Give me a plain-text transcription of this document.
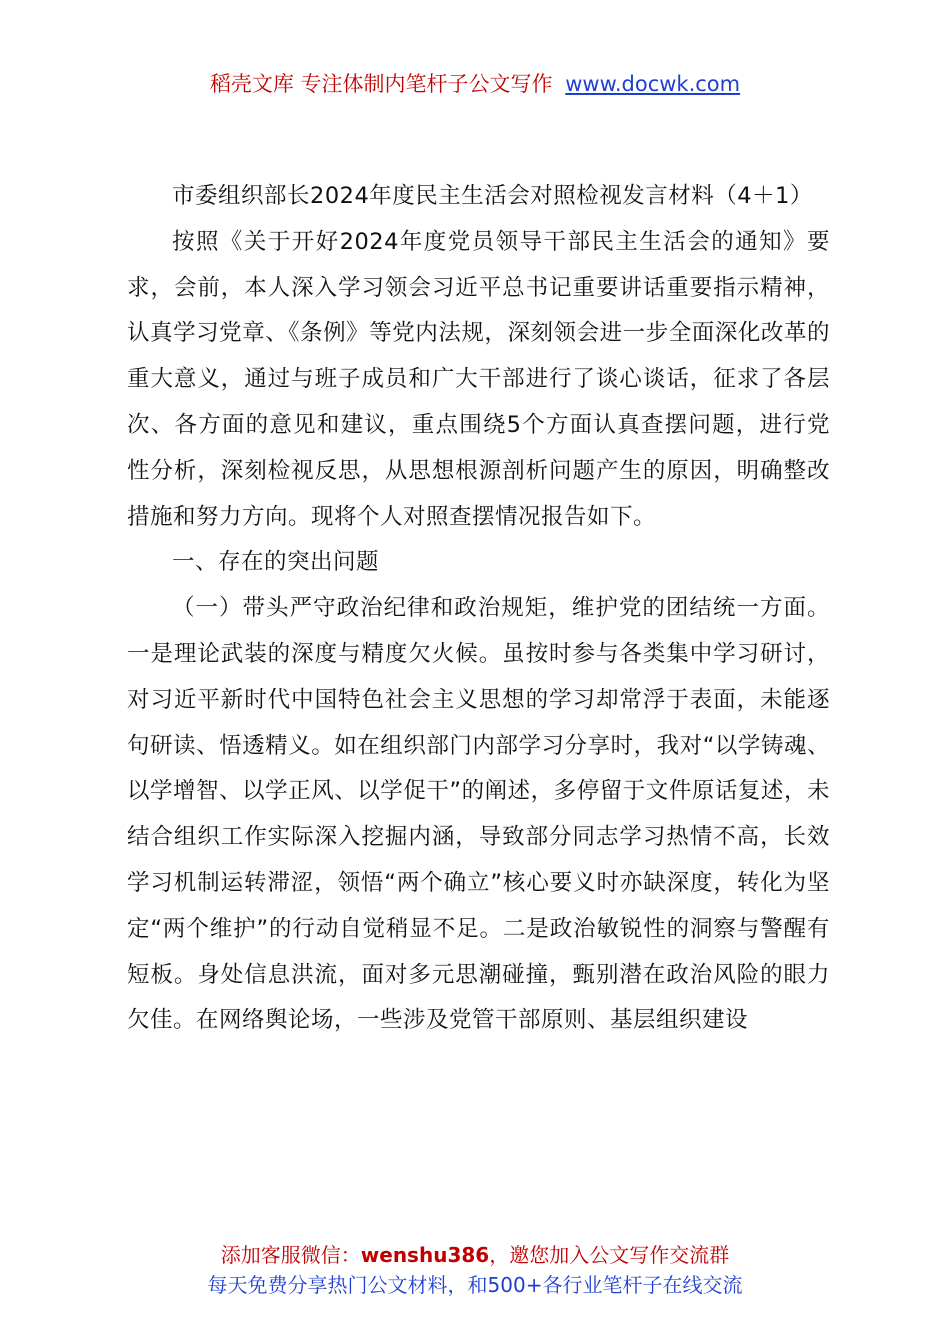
稻壳文库 专注体制内笔杆子公文写作 www.docwk.com

市委组织部长2024年度民主生活会对照检视发言材料（4＋1）

按照《关于开好2024年度党员领导干部民主生活会的通知》要求，会前，本人深入学习领会习近平总书记重要讲话重要指示精神，认真学习党章、《条例》等党内法规，深刻领会进一步全面深化改革的重大意义，通过与班子成员和广大干部进行了谈心谈话，征求了各层次、各方面的意见和建议，重点围绕5个方面认真查摆问题，进行党性分析，深刻检视反思，从思想根源剖析问题产生的原因，明确整改措施和努力方向。现将个人对照查摆情况报告如下。

一、存在的突出问题

（一）带头严守政治纪律和政治规矩，维护党的团结统一方面。一是理论武装的深度与精度欠火候。虽按时参与各类集中学习研讨，对习近平新时代中国特色社会主义思想的学习却常浮于表面，未能逐句研读、悟透精义。如在组织部门内部学习分享时，我对“以学铸魂、以学增智、以学正风、以学促干”的阐述，多停留于文件原话复述，未结合组织工作实际深入挖掘内涵，导致部分同志学习热情不高，长效学习机制运转滞涩，领悟“两个确立”核心要义时亦缺深度，转化为坚定“两个维护”的行动自觉稍显不足。二是政治敏锐性的洞察与警醒有短板。身处信息洪流，面对多元思潮碰撞，甄别潜在政治风险的眼力欠佳。在网络舆论场，一些涉及党管干部原则、基层组织建设

添加客服微信：wenshu386，邀您加入公文写作交流群
每天免费分享热门公文材料，和500+各行业笔杆子在线交流
